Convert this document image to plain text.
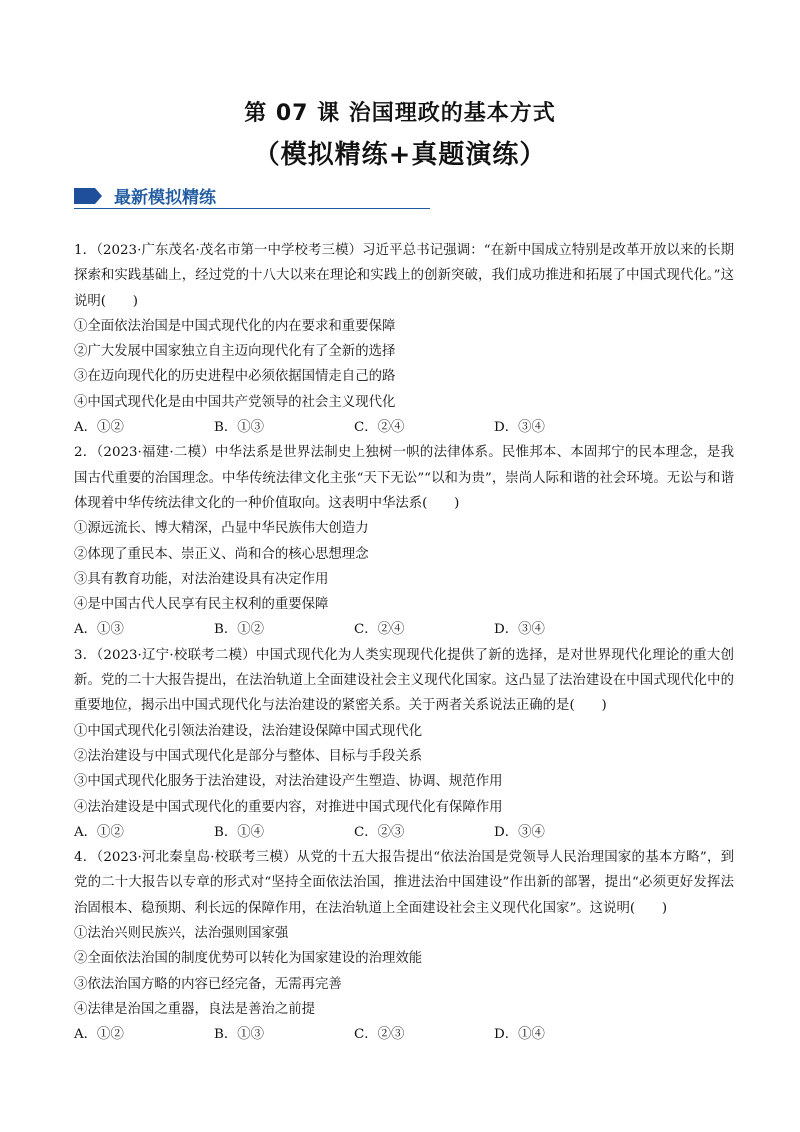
第 07 课 治国理政的基本方式
（模拟精练+真题演练）
最新模拟精练
1．（2023·广东茂名·茂名市第一中学校考三模）习近平总书记强调：“在新中国成立特别是改革开放以来的长期探索和实践基础上，经过党的十八大以来在理论和实践上的创新突破，我们成功推进和拓展了中国式现代化。”这说明(　　)
①全面依法治国是中国式现代化的内在要求和重要保障
②广大发展中国家独立自主迈向现代化有了全新的选择
③在迈向现代化的历史进程中必须依据国情走自己的路
④中国式现代化是由中国共产党领导的社会主义现代化
A．①②	B．①③	C．②④	D．③④
2．（2023·福建·二模）中华法系是世界法制史上独树一帜的法律体系。民惟邦本、本固邦宁的民本理念，是我国古代重要的治国理念。中华传统法律文化主张“天下无讼”“以和为贵”，崇尚人际和谐的社会环境。无讼与和谐体现着中华传统法律文化的一种价值取向。这表明中华法系(　　)
①源远流长、博大精深，凸显中华民族伟大创造力
②体现了重民本、崇正义、尚和合的核心思想理念
③具有教育功能，对法治建设具有决定作用
④是中国古代人民享有民主权利的重要保障
A．①③	B．①②	C．②④	D．③④
3．（2023·辽宁·校联考二模）中国式现代化为人类实现现代化提供了新的选择，是对世界现代化理论的重大创新。党的二十大报告提出，在法治轨道上全面建设社会主义现代化国家。这凸显了法治建设在中国式现代化中的重要地位，揭示出中国式现代化与法治建设的紧密关系。关于两者关系说法正确的是(　　)
①中国式现代化引领法治建设，法治建设保障中国式现代化
②法治建设与中国式现代化是部分与整体、目标与手段关系
③中国式现代化服务于法治建设，对法治建设产生塑造、协调、规范作用
④法治建设是中国式现代化的重要内容，对推进中国式现代化有保障作用
A．①②	B．①④	C．②③	D．③④
4．（2023·河北秦皇岛·校联考三模）从党的十五大报告提出“依法治国是党领导人民治理国家的基本方略”，到党的二十大报告以专章的形式对“坚持全面依法治国，推进法治中国建设”作出新的部署，提出“必须更好发挥法治固根本、稳预期、利长远的保障作用，在法治轨道上全面建设社会主义现代化国家”。这说明(　　)
①法治兴则民族兴，法治强则国家强
②全面依法治国的制度优势可以转化为国家建设的治理效能
③依法治国方略的内容已经完备，无需再完善
④法律是治国之重器，良法是善治之前提
A．①②	B．①③	C．②③	D．①④
